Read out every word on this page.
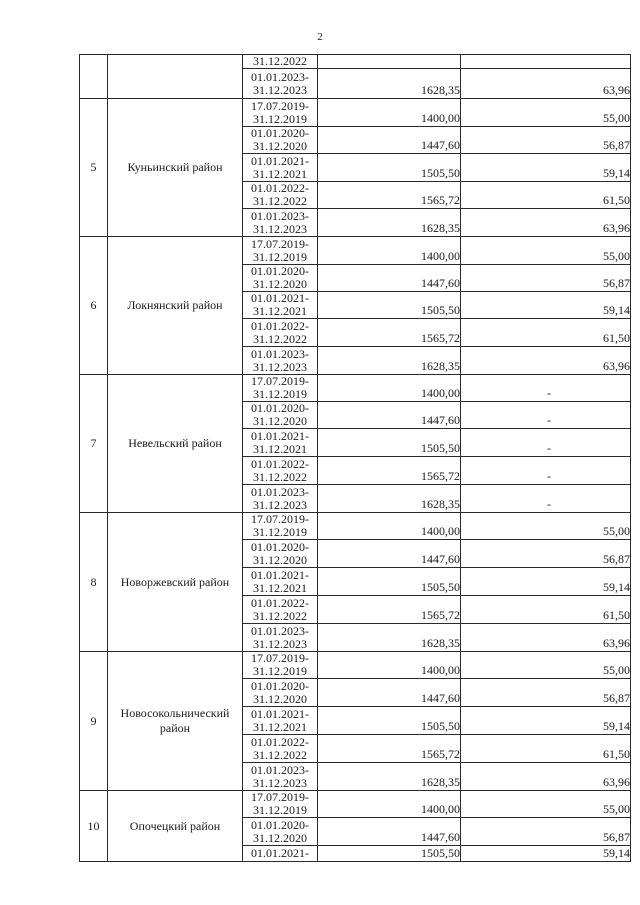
2

		31.12.2022		

		01.01.2023-
31.12.2023	1628,35	63,96
5	Куньинский район	17.07.2019-
31.12.2019	1400,00	55,00

		01.01.2020-
31.12.2020	1447,60	56,87

		01.01.2021-
31.12.2021	1505,50	59,14

		01.01.2022-
31.12.2022	1565,72	61,50

		01.01.2023-
31.12.2023	1628,35	63,96
6	Локнянский район	17.07.2019-
31.12.2019	1400,00	55,00

		01.01.2020-
31.12.2020	1447,60	56,87

		01.01.2021-
31.12.2021	1505,50	59,14

		01.01.2022-
31.12.2022	1565,72	61,50

		01.01.2023-
31.12.2023	1628,35	63,96
7	Невельский район	17.07.2019-
31.12.2019	1400,00	-

		01.01.2020-
31.12.2020	1447,60	-

		01.01.2021-
31.12.2021	1505,50	-

		01.01.2022-
31.12.2022	1565,72	-

		01.01.2023-
31.12.2023	1628,35	-
8	Новоржевский район	17.07.2019-
31.12.2019	1400,00	55,00

		01.01.2020-
31.12.2020	1447,60	56,87

		01.01.2021-
31.12.2021	1505,50	59,14

		01.01.2022-
31.12.2022	1565,72	61,50

		01.01.2023-
31.12.2023	1628,35	63,96
9	Новосокольнический район	17.07.2019-
31.12.2019	1400,00	55,00

		01.01.2020-
31.12.2020	1447,60	56,87

		01.01.2021-
31.12.2021	1505,50	59,14

		01.01.2022-
31.12.2022	1565,72	61,50

		01.01.2023-
31.12.2023	1628,35	63,96
10	Опочецкий район	17.07.2019-
31.12.2019	1400,00	55,00

		01.01.2020-
31.12.2020	1447,60	56,87

		01.01.2021-	1505,50	59,14
